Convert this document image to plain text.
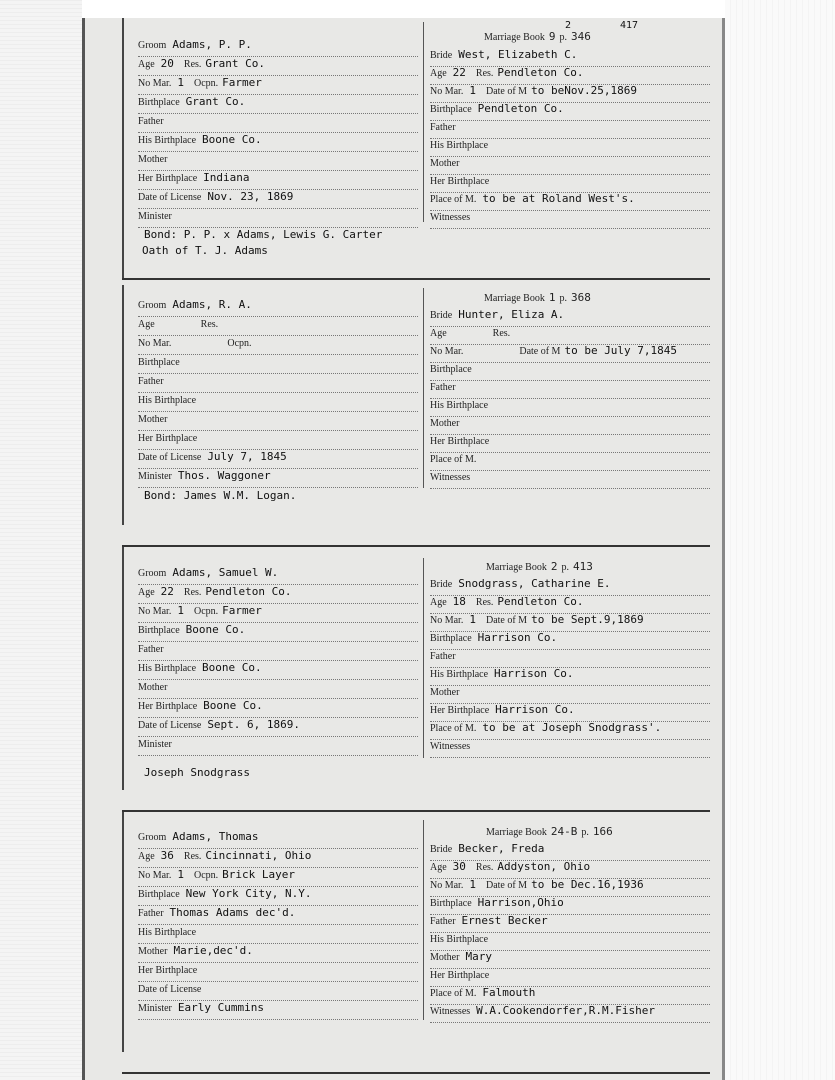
Groom Adams, P. P.
Age 20 Res. Grant Co.
No Mar. 1 Ocpn. Farmer
Birthplace Grant Co.
Father
His Birthplace Boone Co.
Mother
Her Birthplace Indiana
Date of License Nov. 23, 1869
Minister
2	417
Marriage Book 9 p. 346
Bride West, Elizabeth C.
Age 22 Res. Pendleton Co.
No Mar. 1 Date of M to beNov.25,1869
Birthplace Pendleton Co.
Father
His Birthplace
Mother
Her Birthplace
Place of M. to be at Roland West's.
Witnesses
Bond: P. P. x Adams, Lewis G. Carter
Oath of T. J. Adams
Groom Adams, R. A.
Age	Res.
No Mar.	Ocpn.
Birthplace
Father
His Birthplace
Mother
Her Birthplace
Date of License July 7, 1845
Minister Thos. Waggoner
Marriage Book 1 p. 368
Bride Hunter, Eliza A.
Age	Res.
No Mar.	Date of M to be July 7,1845
Birthplace
Father
His Birthplace
Mother
Her Birthplace
Place of M.
Witnesses
Bond: James W.M. Logan.
Groom Adams, Samuel W.
Age 22 Res. Pendleton Co.
No Mar. 1 Ocpn. Farmer
Birthplace Boone Co.
Father
His Birthplace Boone Co.
Mother
Her Birthplace Boone Co.
Date of License Sept. 6, 1869.
Minister
Marriage Book 2 p. 413
Bride Snodgrass, Catharine E.
Age 18 Res. Pendleton Co.
No Mar. 1 Date of M to be Sept.9,1869
Birthplace Harrison Co.
Father
His Birthplace Harrison Co.
Mother
Her Birthplace Harrison Co.
Place of M. to be at Joseph Snodgrass'.
Witnesses
Joseph Snodgrass
Groom Adams, Thomas
Age 36 Res. Cincinnati, Ohio
No Mar. 1 Ocpn. Brick Layer
Birthplace New York City, N.Y.
Father Thomas Adams dec'd.
His Birthplace
Mother Marie,dec'd.
Her Birthplace
Date of License
Minister Early Cummins
Marriage Book 24-B p. 166
Bride Becker, Freda
Age 30 Res. Addyston, Ohio
No Mar. 1 Date of M to be Dec.16,1936
Birthplace Harrison,Ohio
Father Ernest Becker
His Birthplace
Mother Mary
Her Birthplace
Place of M. Falmouth
Witnesses W.A.Cookendorfer,R.M.Fisher
